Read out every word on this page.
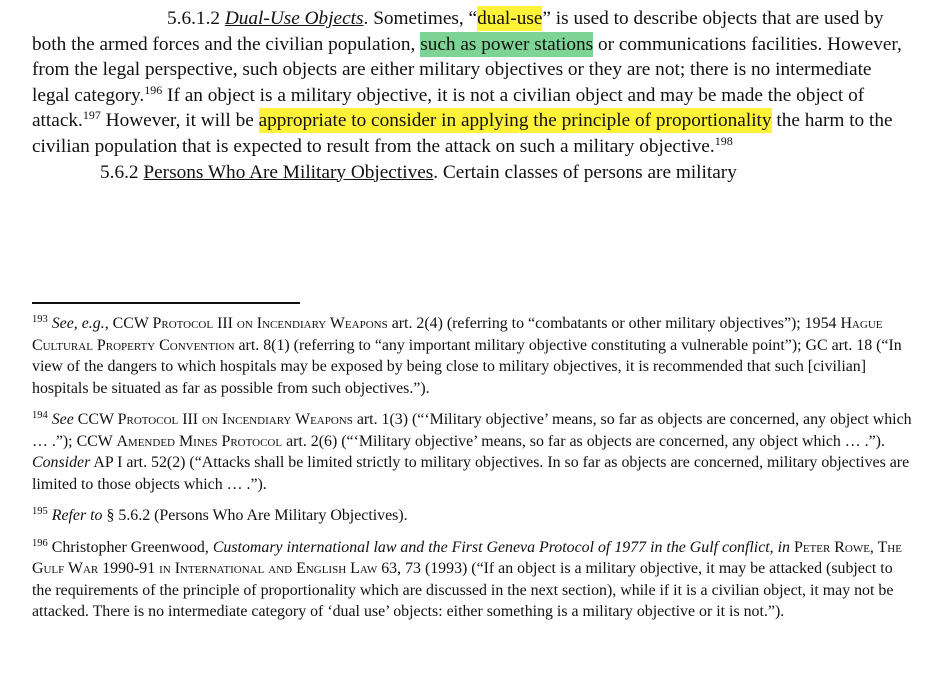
5.6.1.2 Dual-Use Objects. Sometimes, “dual-use” is used to describe objects that are used by both the armed forces and the civilian population, such as power stations or communications facilities. However, from the legal perspective, such objects are either military objectives or they are not; there is no intermediate legal category.$^{196}$ If an object is a military objective, it is not a civilian object and may be made the object of attack.$^{197}$ However, it will be appropriate to consider in applying the principle of proportionality the harm to the civilian population that is expected to result from the attack on such a military objective.$^{198}$

5.6.2 Persons Who Are Military Objectives. Certain classes of persons are military

$^{193}$ See, e.g., CCW Protocol III on Incendiary Weapons art. 2(4) (referring to “combatants or other military objectives”); 1954 Hague Cultural Property Convention art. 8(1) (referring to “any important military objective constituting a vulnerable point”); GC art. 18 (“In view of the dangers to which hospitals may be exposed by being close to military objectives, it is recommended that such [civilian] hospitals be situated as far as possible from such objectives.”).

$^{194}$ See CCW Protocol III on Incendiary Weapons art. 1(3) (“‘Military objective’ means, so far as objects are concerned, any object which … .”); CCW Amended Mines Protocol art. 2(6) (“‘Military objective’ means, so far as objects are concerned, any object which … .”). Consider AP I art. 52(2) (“Attacks shall be limited strictly to military objectives. In so far as objects are concerned, military objectives are limited to those objects which … .”).

$^{195}$ Refer to § 5.6.2 (Persons Who Are Military Objectives).

$^{196}$ Christopher Greenwood, Customary international law and the First Geneva Protocol of 1977 in the Gulf conflict, in Peter Rowe, The Gulf War 1990-91 in International and English Law 63, 73 (1993) (“If an object is a military objective, it may be attacked (subject to the requirements of the principle of proportionality which are discussed in the next section), while if it is a civilian object, it may not be attacked. There is no intermediate category of ‘dual use’ objects: either something is a military objective or it is not.”).
